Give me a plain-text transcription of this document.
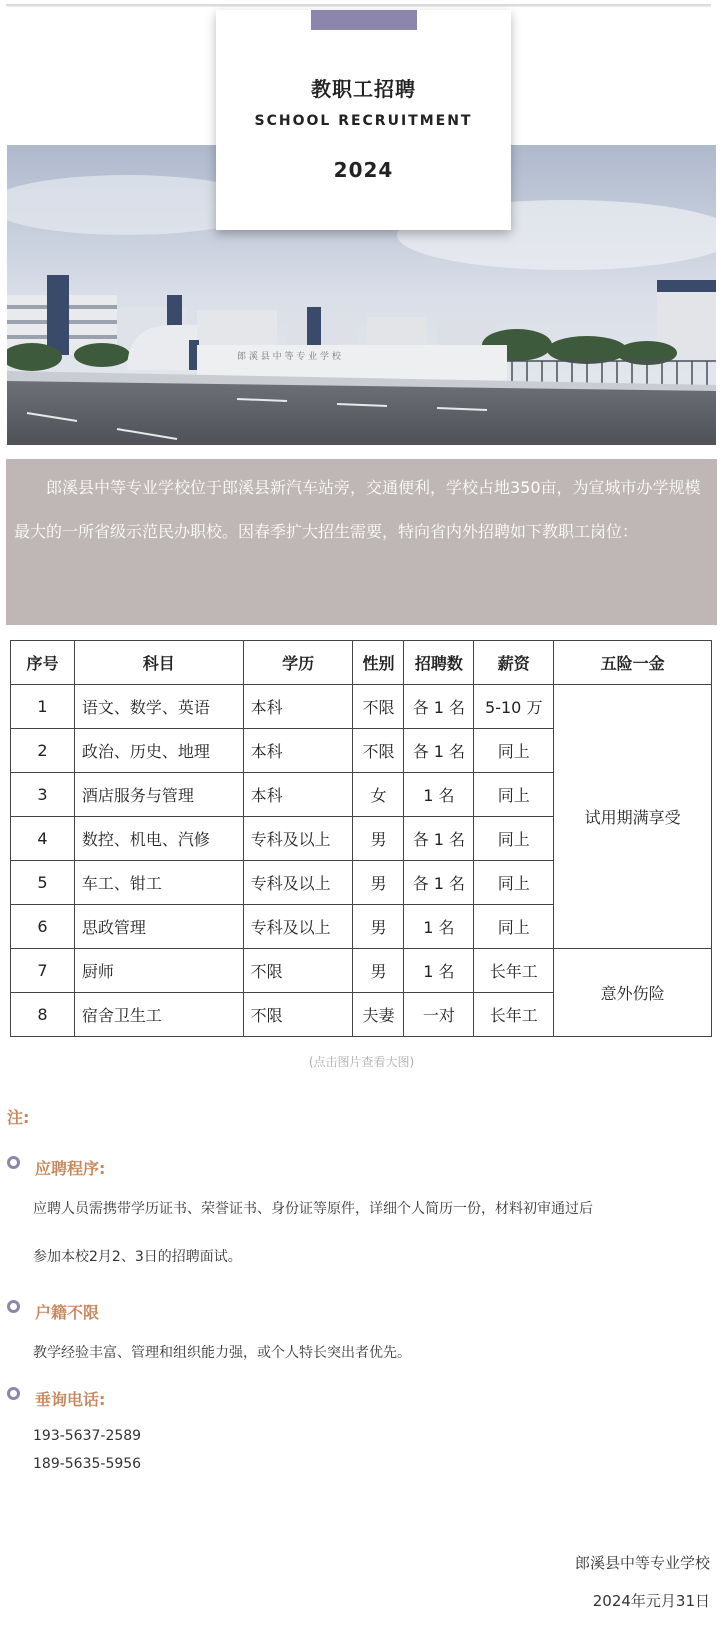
郎 溪 县 中 等 专 业 学 校
教职工招聘
SCHOOL RECRUITMENT
2024
郎溪县中等专业学校位于郎溪县新汽车站旁，交通便利，学校占地350亩，为宣城市办学规模最大的一所省级示范民办职校。因春季扩大招生需要，特向省内外招聘如下教职工岗位：
序号	科目	学历	性别	招聘数	薪资	五险一金
1	语文、数学、英语	本科	不限	各 1 名	5-10 万	试用期满享受
2	政治、历史、地理	本科	不限	各 1 名	同上	
3	酒店服务与管理	本科	女	1 名	同上	
4	数控、机电、汽修	专科及以上	男	各 1 名	同上	
5	车工、钳工	专科及以上	男	各 1 名	同上	
6	思政管理	专科及以上	男	1 名	同上	
7	厨师	不限	男	1 名	长年工	意外伤险
8	宿舍卫生工	不限	夫妻	一对	长年工	
(点击图片查看大图)
注:
应聘程序:
应聘人员需携带学历证书、荣誉证书、身份证等原件，详细个人简历一份，材料初审通过后
参加本校2月2、3日的招聘面试。
户籍不限
教学经验丰富、管理和组织能力强，或个人特长突出者优先。
垂询电话:
193-5637-2589
189-5635-5956
郎溪县中等专业学校
2024年元月31日
